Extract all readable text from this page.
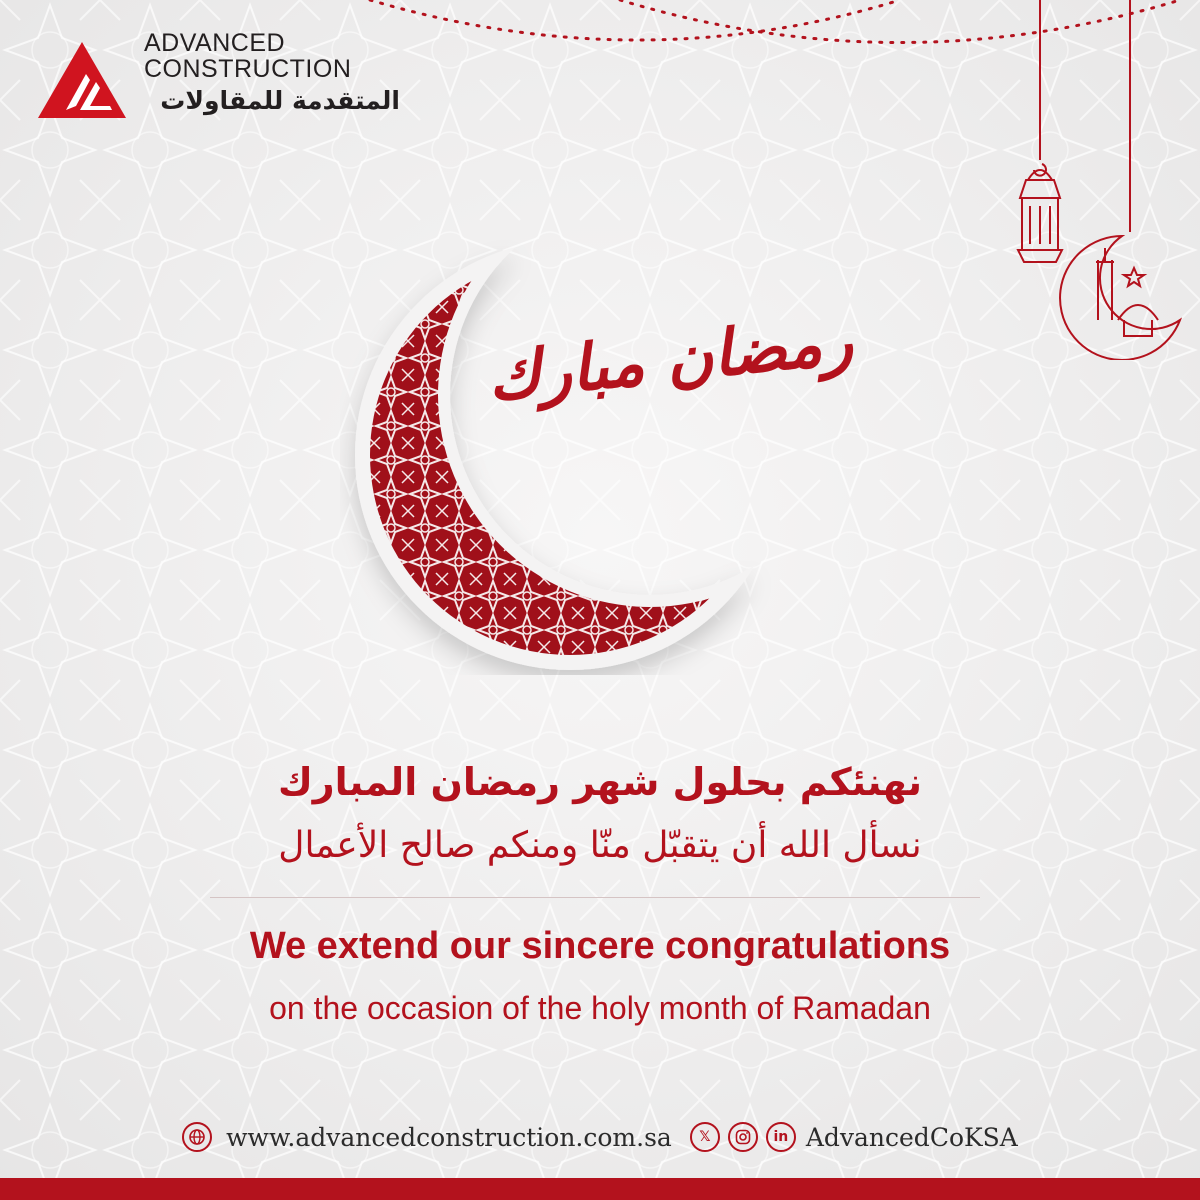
ADVANCED
CONSTRUCTION
المتقدمة للمقاولات
رمضان مبارك
نهنئكم بحلول شهر رمضان المبارك
نسأل الله أن يتقبّل منّا ومنكم صالح الأعمال
We extend our sincere congratulations
on the occasion of the holy month of Ramadan
www.advancedconstruction.com.sa	𝕏	in AdvancedCoKSA
